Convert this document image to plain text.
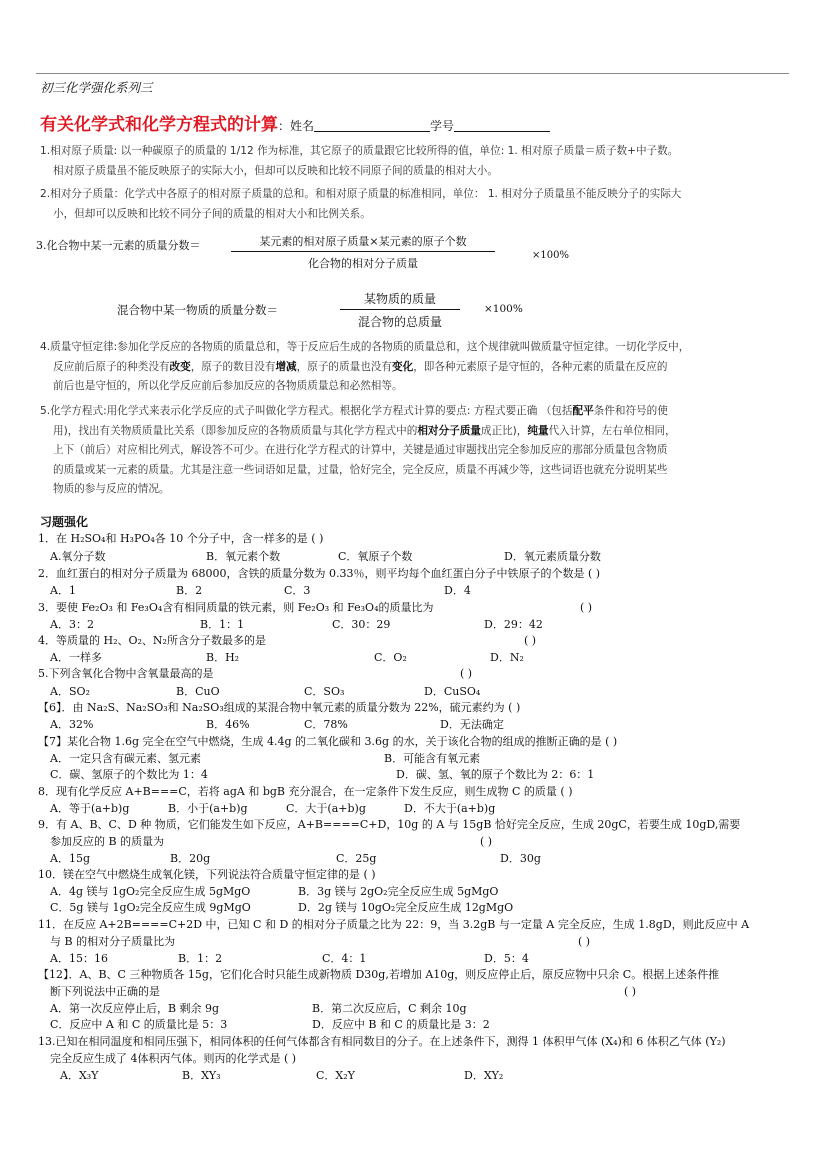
初三化学强化系列三
有关化学式和化学方程式的计算：姓名	学号
1.相对原子质量: 以一种碳原子的质量的 1/12 作为标准，其它原子的质量跟它比较所得的值，单位: 1. 相对原子质量＝质子数+中子数。
相对原子质量虽不能反映原子的实际大小，但却可以反映和比较不同原子间的质量的相对大小。
2.相对分子质量：化学式中各原子的相对原子质量的总和。和相对原子质量的标准相同，单位： 1. 相对分子质量虽不能反映分子的实际大
小，但却可以反映和比较不同分子间的质量的相对大小和比例关系。
3.化合物中某一元素的质量分数＝	某元素的相对原子质量×某元素的原子个数
化合物的相对分子质量
×100%
混合物中某一物质的质量分数＝
某物质的质量
混合物的总质量
×100%
4.质量守恒定律:参加化学反应的各物质的质量总和，等于反应后生成的各物质的质量总和，这个规律就叫做质量守恒定律。一切化学反中，
反应前后原子的种类没有改变，原子的数目没有增减，原子的质量也没有变化，即各种元素原子是守恒的，各种元素的质量在反应的
前后也是守恒的，所以化学反应前后参加反应的各物质质量总和必然相等。
5.化学方程式:用化学式来表示化学反应的式子叫做化学方程式。根据化学方程式计算的要点: 方程式要正确 （包括配平条件和符号的使
用)，找出有关物质质量比关系（即参加反应的各物质质量与其化学方程式中的相对分子质量成正比)，纯量代入计算，左右单位相同，
上下（前后）对应相比列式，解设答不可少。在进行化学方程式的计算中，关键是通过审题找出完全参加反应的那部分质量包含物质
的质量或某一元素的质量。尤其是注意一些词语如足量，过量，恰好完全，完全反应，质量不再减少等，这些词语也就充分说明某些
物质的参与反应的情况。
习题强化
1．在 H₂SO₄和 H₃PO₄各 10 个分子中，含一样多的是 ( )
A.氧分子数	B．氧元素个数	C．氧原子个数	D．氧元素质量分数
2．血红蛋白的相对分子质量为 68000，含铁的质量分数为 0.33％，则平均每个血红蛋白分子中铁原子的个数是 ( )
A．1	B．2	C．3	D．4
3．要使 Fe₂O₃ 和 Fe₃O₄含有相同质量的铁元素，则 Fe₂O₃ 和 Fe₃O₄的质量比为	( )
A．3：2	B．1：1	C．30：29	D．29：42
4．等质量的 H₂、O₂、N₂所含分子数最多的是	( )
A．一样多	B．H₂	C．O₂	D．N₂
5.下列含氧化合物中含氧量最高的是	( )
A．SO₂	B．CuO	C．SO₃	D．CuSO₄
【6】．由 Na₂S、Na₂SO₃和 Na₂SO₃组成的某混合物中氧元素的质量分数为 22%，硫元素约为 ( )
A．32%	B．46%	C．78%	D．无法确定
【7】某化合物 1.6g 完全在空气中燃烧，生成 4.4g 的二氧化碳和 3.6g 的水，关于该化合物的组成的推断正确的是 ( )
A．一定只含有碳元素、氢元素	B．可能含有氧元素
C．碳、氢原子的个数比为 1：4	D．碳、氢、氧的原子个数比为 2：6：1
8．现有化学反应 A+B===C，若将 agA 和 bgB 充分混合，在一定条件下发生反应，则生成物 C 的质量 ( )
A．等于(a+b)g	B．小于(a+b)g	C．大于(a+b)g	D．不大于(a+b)g
9．有 A、B、C、D 种 物质，它们能发生如下反应，A+B====C+D，10g 的 A 与 15gB 恰好完全反应，生成 20gC，若要生成 10gD,需要
参加反应的 B 的质量为	( )
A．15g	B．20g	C．25g	D．30g
10．镁在空气中燃烧生成氧化镁，下列说法符合质量守恒定律的是 ( )
A．4g 镁与 1gO₂完全反应生成 5gMgO	B．3g 镁与 2gO₂完全反应生成 5gMgO
C．5g 镁与 1gO₂完全反应生成 9gMgO	D．2g 镁与 10gO₂完全反应生成 12gMgO
11．在反应 A+2B====C+2D 中，已知 C 和 D 的相对分子质量之比为 22：9，当 3.2gB 与一定量 A 完全反应，生成 1.8gD，则此反应中 A
与 B 的相对分子质量比为	( )
A．15：16	B．1：2	C．4：1	D．5：4
【12】．A、B、C 三种物质各 15g，它们化合时只能生成新物质 D30g,若增加 A10g，则反应停止后，原反应物中只余 C。根据上述条件推
断下列说法中正确的是	( )
A．第一次反应停止后，B 剩余 9g	B．第二次反应后，C 剩余 10g
C．反应中 A 和 C 的质量比是 5：3	D．反应中 B 和 C 的质量比是 3：2
13.已知在相同温度和相同压强下，相同体积的任何气体都含有相同数目的分子。在上述条件下，测得 1 体积甲气体 (X₄)和 6 体积乙气体 (Y₂)
完全反应生成了 4体积丙气体。则丙的化学式是 ( )
A．X₃Y	B．XY₃	C．X₂Y	D．XY₂
